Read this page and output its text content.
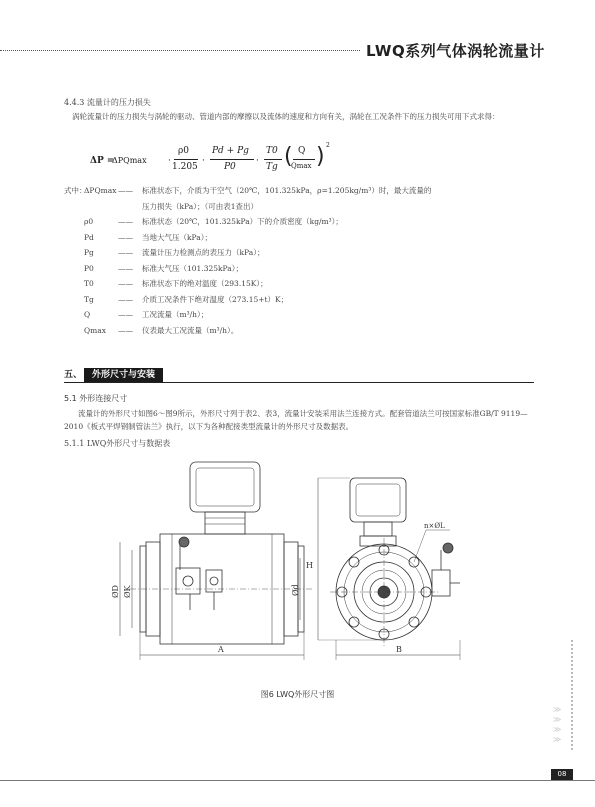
LWQ系列气体涡轮流量计
4.4.3 流量计的压力损失
涡轮流量计的压力损失与涡轮的驱动、管道内部的摩擦以及流体的速度和方向有关，涡轮在工况条件下的压力损失可用下式求得：
ΔP =
ΔPQmax ·
ρ0
1.205
·
Pd + Pg
P0
·
T0
Tg ( Q
Qmax ) 2
式中：
ΔPQmax —— 标准状态下，介质为干空气（20℃，101.325kPa，ρ=1.205kg/m³）时，最大流量的
压力损失（kPa）；（可由表1查出）
ρ0	—— 标准状态（20℃，101.325kPa）下的介质密度（kg/m³）；
Pd	—— 当地大气压（kPa）；
Pg	—— 流量计压力检测点的表压力（kPa）；
P0	—— 标准大气压（101.325kPa）；
T0	—— 标准状态下的绝对温度（293.15K）；
Tg	—— 介质工况条件下绝对温度（273.15+t）K；
Q	—— 工况流量（m³/h）；
Qmax —— 仪表最大工况流量（m³/h）。
五、	外形尺寸与安装
5.1 外形连接尺寸
流量计的外形尺寸如图6～图9所示，外形尺寸列于表2、表3，流量计安装采用法兰连接方式。配套管道法兰可按国家标准GB/T 9119—2010《板式平焊钢制管法兰》执行，以下为各种配接类型流量计的外形尺寸及数据表。
5.1.1 LWQ外形尺寸与数据表
A	B
H
ØD ØK	Ød
n×ØL
图6 LWQ外形尺寸图
≫
≫
≫
≫
08
